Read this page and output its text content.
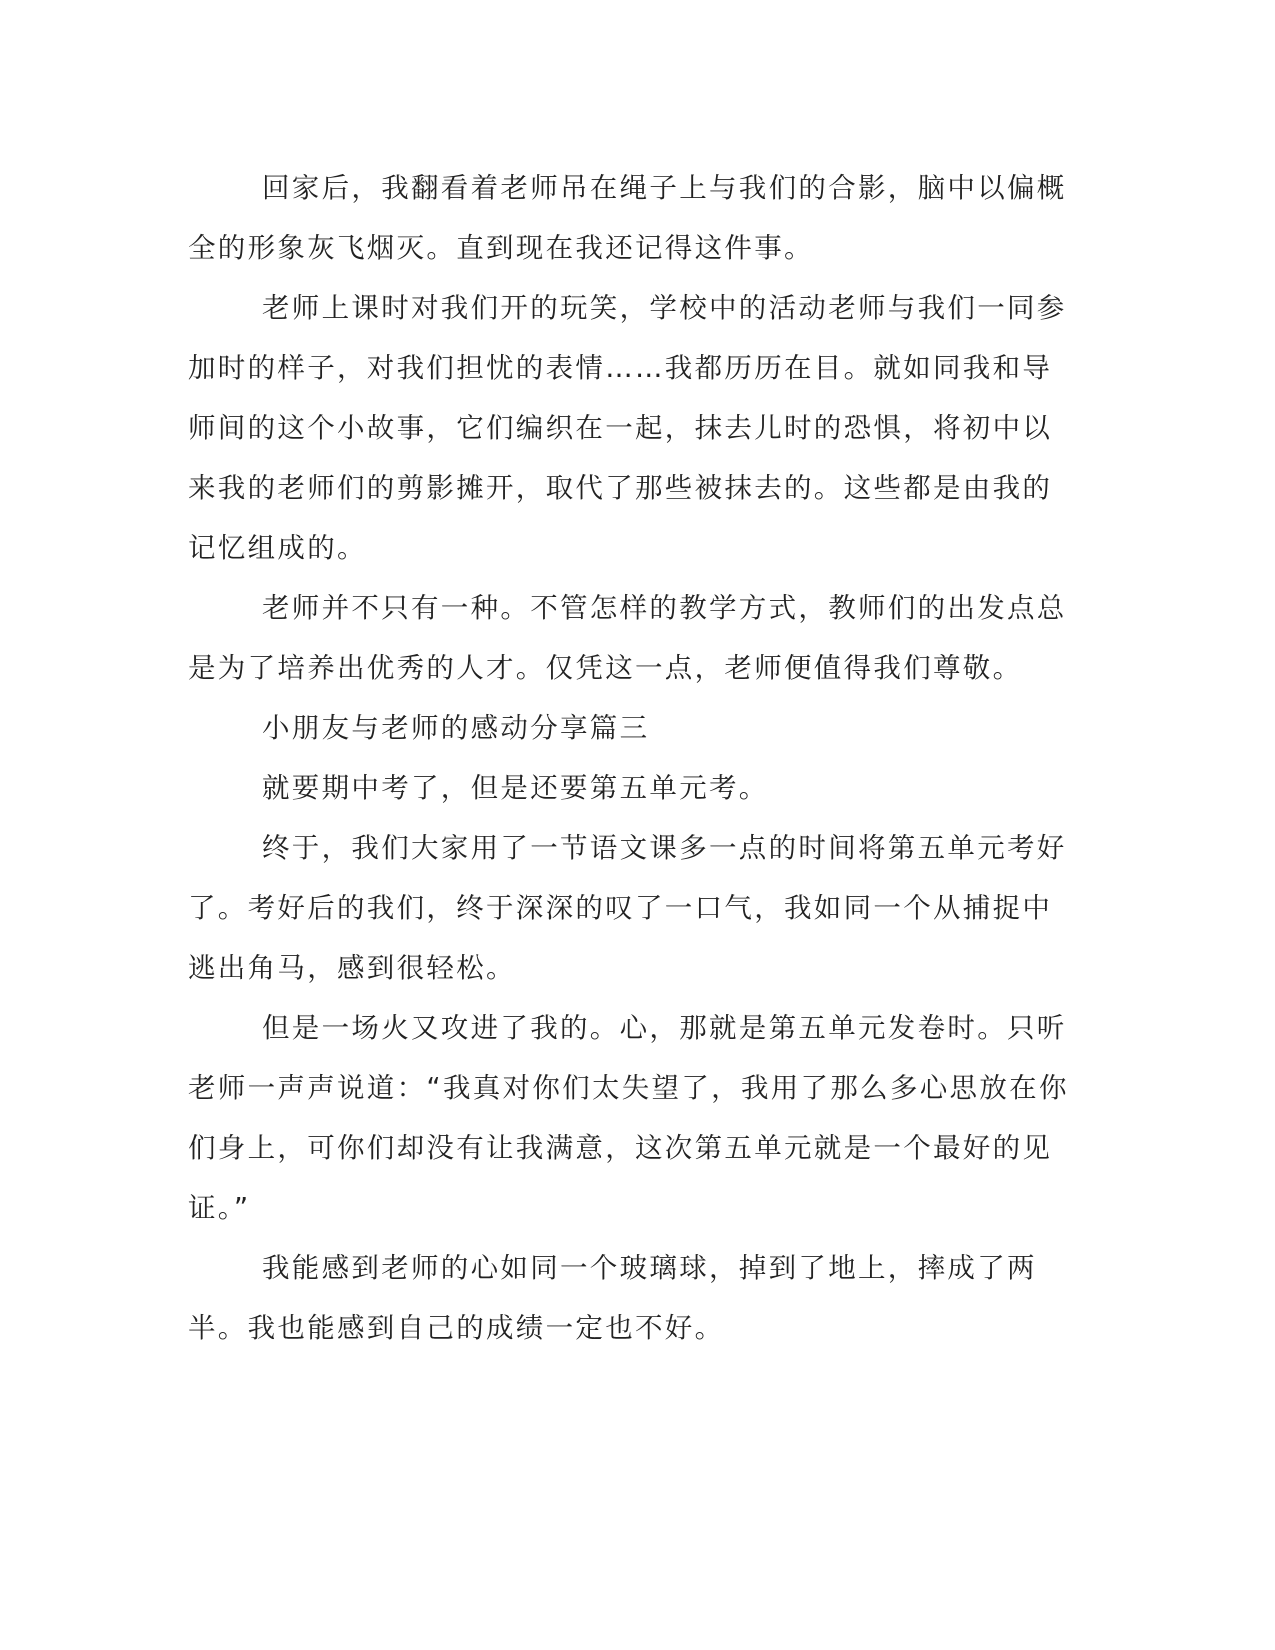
回家后，我翻看着老师吊在绳子上与我们的合影，脑中以偏概全的形象灰飞烟灭。直到现在我还记得这件事。

老师上课时对我们开的玩笑，学校中的活动老师与我们一同参加时的样子，对我们担忧的表情……我都历历在目。就如同我和导师间的这个小故事，它们编织在一起，抹去儿时的恐惧，将初中以来我的老师们的剪影摊开，取代了那些被抹去的。这些都是由我的记忆组成的。

老师并不只有一种。不管怎样的教学方式，教师们的出发点总是为了培养出优秀的人才。仅凭这一点，老师便值得我们尊敬。

小朋友与老师的感动分享篇三

就要期中考了，但是还要第五单元考。

终于，我们大家用了一节语文课多一点的时间将第五单元考好了。考好后的我们，终于深深的叹了一口气，我如同一个从捕捉中逃出角马，感到很轻松。

但是一场火又攻进了我的。心，那就是第五单元发卷时。只听老师一声声说道：“我真对你们太失望了，我用了那么多心思放在你们身上，可你们却没有让我满意，这次第五单元就是一个最好的见证。”

我能感到老师的心如同一个玻璃球，掉到了地上，摔成了两半。我也能感到自己的成绩一定也不好。
